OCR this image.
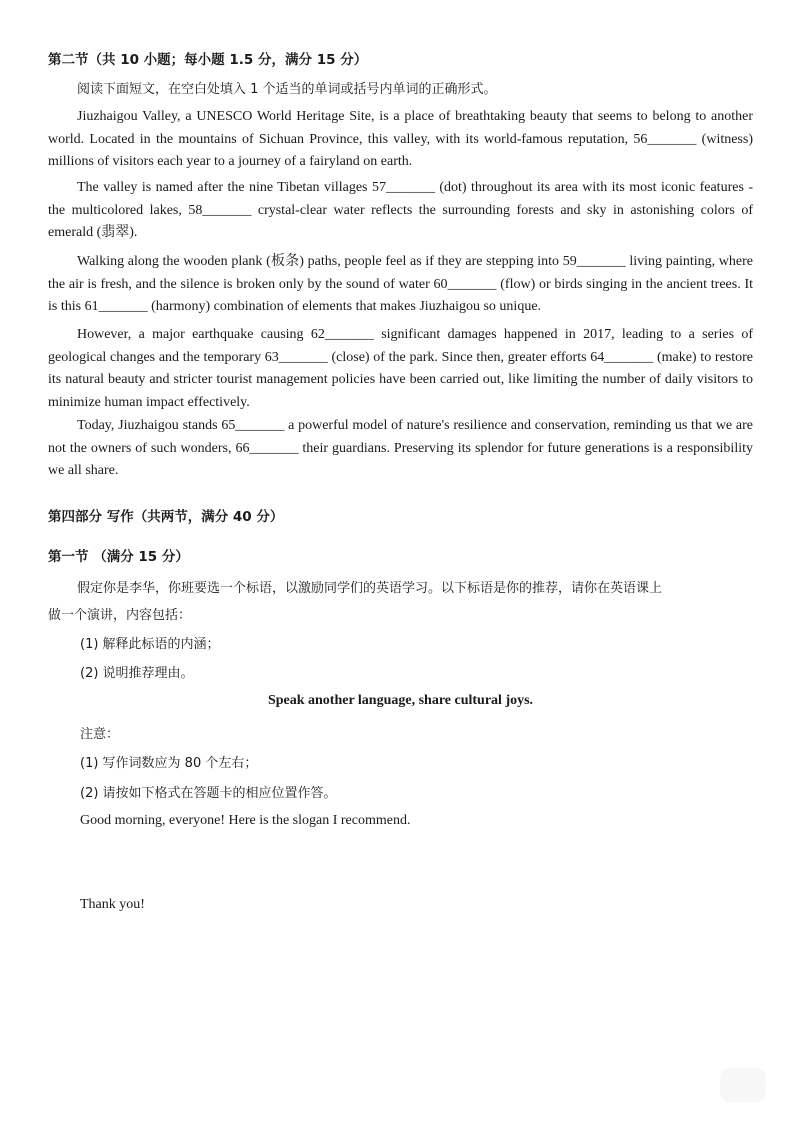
第二节（共 10 小题；每小题 1.5 分，满分 15 分）
阅读下面短文，在空白处填入 1 个适当的单词或括号内单词的正确形式。
Jiuzhaigou Valley, a UNESCO World Heritage Site, is a place of breathtaking beauty that seems to belong to another world. Located in the mountains of Sichuan Province, this valley, with its world-famous reputation, 56_______ (witness) millions of visitors each year to a journey of a fairyland on earth.
The valley is named after the nine Tibetan villages 57_______ (dot) throughout its area with its most iconic features - the multicolored lakes, 58_______ crystal-clear water reflects the surrounding forests and sky in astonishing colors of emerald (翡翠).
Walking along the wooden plank (板条) paths, people feel as if they are stepping into 59_______ living painting, where the air is fresh, and the silence is broken only by the sound of water 60_______ (flow) or birds singing in the ancient trees. It is this 61_______ (harmony) combination of elements that makes Jiuzhaigou so unique.
However, a major earthquake causing 62_______ significant damages happened in 2017, leading to a series of geological changes and the temporary 63_______ (close) of the park. Since then, greater efforts 64_______ (make) to restore its natural beauty and stricter tourist management policies have been carried out, like limiting the number of daily visitors to minimize human impact effectively.
Today, Jiuzhaigou stands 65_______ a powerful model of nature's resilience and conservation, reminding us that we are not the owners of such wonders, 66_______ their guardians. Preserving its splendor for future generations is a responsibility we all share.
第四部分 写作（共两节，满分 40 分）
第一节 （满分 15 分）
假定你是李华，你班要选一个标语，以激励同学们的英语学习。以下标语是你的推荐，请你在英语课上
做一个演讲，内容包括：
(1) 解释此标语的内涵；
(2) 说明推荐理由。
Speak another language, share cultural joys.
注意：
(1) 写作词数应为 80 个左右；
(2) 请按如下格式在答题卡的相应位置作答。
Good morning, everyone! Here is the slogan I recommend.
Thank you!
